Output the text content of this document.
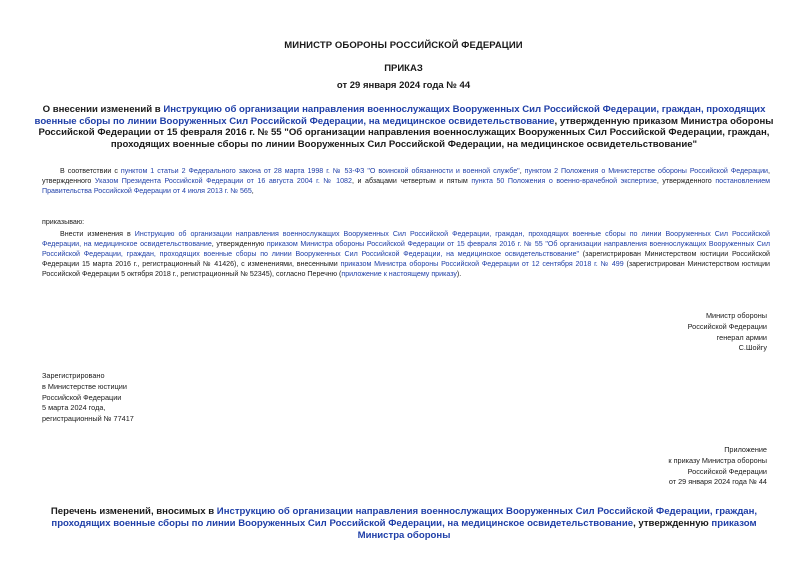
МИНИСТР ОБОРОНЫ РОССИЙСКОЙ ФЕДЕРАЦИИ
ПРИКАЗ
от 29 января 2024 года № 44
О внесении изменений в Инструкцию об организации направления военнослужащих Вооруженных Сил Российской Федерации, граждан, проходящих военные сборы по линии Вооруженных Сил Российской Федерации, на медицинское освидетельствование, утвержденную приказом Министра обороны Российской Федерации от 15 февраля 2016 г. № 55 "Об организации направления военнослужащих Вооруженных Сил Российской Федерации, граждан, проходящих военные сборы по линии Вооруженных Сил Российской Федерации, на медицинское освидетельствование"
В соответствии с пунктом 1 статьи 2 Федерального закона от 28 марта 1998 г. № 53-ФЗ "О воинской обязанности и военной службе", пунктом 2 Положения о Министерстве обороны Российской Федерации, утвержденного Указом Президента Российской Федерации от 16 августа 2004 г. № 1082, и абзацами четвертым и пятым пункта 50 Положения о военно-врачебной экспертизе, утвержденного постановлением Правительства Российской Федерации от 4 июля 2013 г. № 565,
приказываю:
Внести изменения в Инструкцию об организации направления военнослужащих Вооруженных Сил Российской Федерации, граждан, проходящих военные сборы по линии Вооруженных Сил Российской Федерации, на медицинское освидетельствование, утвержденную приказом Министра обороны Российской Федерации от 15 февраля 2016 г. № 55 "Об организации направления военнослужащих Вооруженных Сил Российской Федерации, граждан, проходящих военные сборы по линии Вооруженных Сил Российской Федерации, на медицинское освидетельствование" (зарегистрирован Министерством юстиции Российской Федерации 15 марта 2016 г., регистрационный № 41426), с изменениями, внесенными приказом Министра обороны Российской Федерации от 12 сентября 2018 г. № 499 (зарегистрирован Министерством юстиции Российской Федерации 5 октября 2018 г., регистрационный № 52345), согласно Перечню (приложение к настоящему приказу).
Министр обороны
Российской Федерации
генерал армии
С.Шойгу
Зарегистрировано
в Министерстве юстиции
Российской Федерации
5 марта 2024 года,
регистрационный № 77417
Приложение
к приказу Министра обороны
Российской Федерации
от 29 января 2024 года № 44
Перечень изменений, вносимых в Инструкцию об организации направления военнослужащих Вооруженных Сил Российской Федерации, граждан, проходящих военные сборы по линии Вооруженных Сил Российской Федерации, на медицинское освидетельствование, утвержденную приказом Министра обороны
